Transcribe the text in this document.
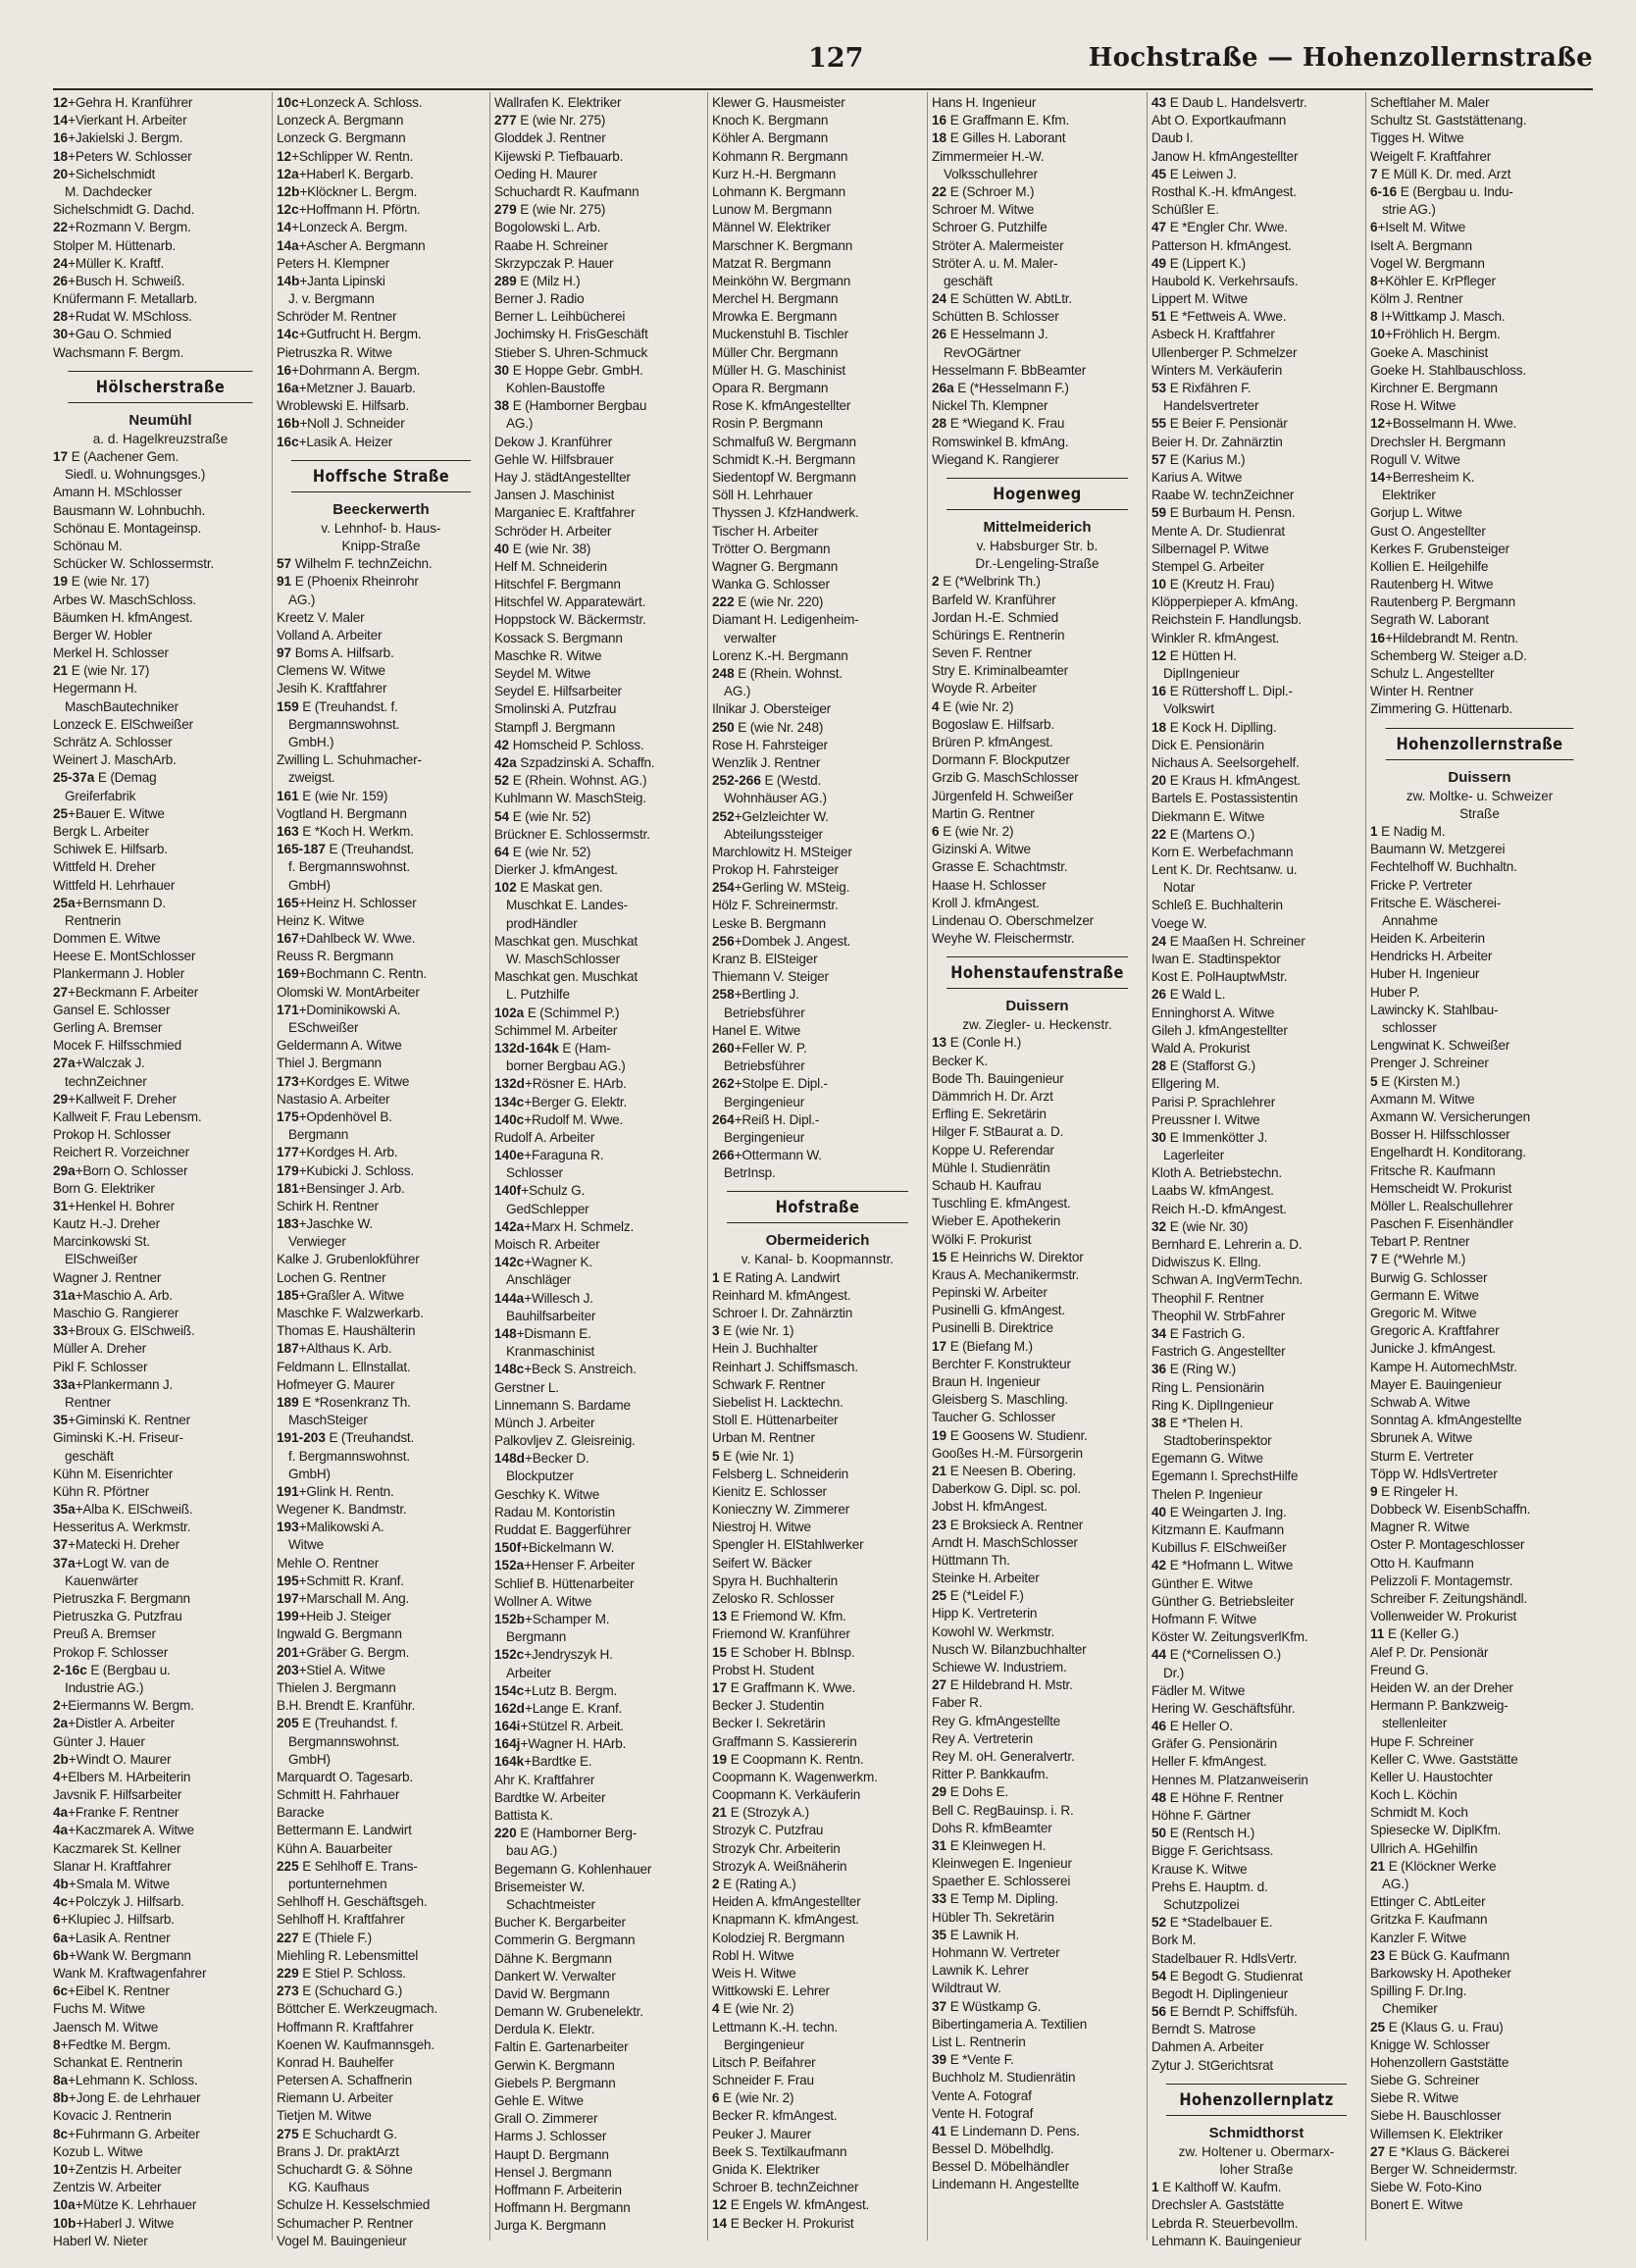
127	Hochstraße — Hohenzollernstraße
12+Gehra H. Kranführer
14+Vierkant H. Arbeiter
16+Jakielski J. Bergm.
18+Peters W. Schlosser
20+Sichelschmidt
M. Dachdecker
Sichelschmidt G. Dachd.
22+Rozmann V. Bergm.
Stolper M. Hüttenarb.
24+Müller K. Kraftf.
26+Busch H. Schweiß.
Knüfermann F. Metallarb.
28+Rudat W. MSchloss.
30+Gau O. Schmied
Wachsmann F. Bergm.
Hölscherstraße
Neumühl
a. d. Hagelkreuzstraße
17 E (Aachener Gem.
Siedl. u. Wohnungsges.)
Amann H. MSchlosser
Bausmann W. Lohnbuchh.
Schönau E. Montageinsp.
Schönau M.
Schücker W. Schlossermstr.
19 E (wie Nr. 17)
Arbes W. MaschSchloss.
Bäumken H. kfmAngest.
Berger W. Hobler
Merkel H. Schlosser
21 E (wie Nr. 17)
Hegermann H.
MaschBautechniker
Lonzeck E. ElSchweißer
Schrätz A. Schlosser
Weinert J. MaschArb.
25-37a E (Demag
Greiferfabrik
25+Bauer E. Witwe
Bergk L. Arbeiter
Schiwek E. Hilfsarb.
Wittfeld H. Dreher
Wittfeld H. Lehrhauer
25a+Bernsmann D.
Rentnerin
Dommen E. Witwe
Heese E. MontSchlosser
Plankermann J. Hobler
27+Beckmann F. Arbeiter
Gansel E. Schlosser
Gerling A. Bremser
Mocek F. Hilfsschmied
27a+Walczak J.
technZeichner
29+Kallweit F. Dreher
Kallweit F. Frau Lebensm.
Prokop H. Schlosser
Reichert R. Vorzeichner
29a+Born O. Schlosser
Born G. Elektriker
31+Henkel H. Bohrer
Kautz H.-J. Dreher
Marcinkowski St.
ElSchweißer
Wagner J. Rentner
31a+Maschio A. Arb.
Maschio G. Rangierer
33+Broux G. ElSchweiß.
Müller A. Dreher
Pikl F. Schlosser
33a+Plankermann J.
Rentner
35+Giminski K. Rentner
Giminski K.-H. Friseur-
geschäft
Kühn M. Eisenrichter
Kühn R. Pförtner
35a+Alba K. ElSchweiß.
Hesseritus A. Werkmstr.
37+Matecki H. Dreher
37a+Logt W. van de
Kauenwärter
Pietruszka F. Bergmann
Pietruszka G. Putzfrau
Preuß A. Bremser
Prokop F. Schlosser
2-16c E (Bergbau u.
Industrie AG.)
2+Eiermanns W. Bergm.
2a+Distler A. Arbeiter
Günter J. Hauer
2b+Windt O. Maurer
4+Elbers M. HArbeiterin
Javsnik F. Hilfsarbeiter
4a+Franke F. Rentner
4a+Kaczmarek A. Witwe
Kaczmarek St. Kellner
Slanar H. Kraftfahrer
4b+Smala M. Witwe
4c+Polczyk J. Hilfsarb.
6+Klupiec J. Hilfsarb.
6a+Lasik A. Rentner
6b+Wank W. Bergmann
Wank M. Kraftwagenfahrer
6c+Eibel K. Rentner
Fuchs M. Witwe
Jaensch M. Witwe
8+Fedtke M. Bergm.
Schankat E. Rentnerin
8a+Lehmann K. Schloss.
8b+Jong E. de Lehrhauer
Kovacic J. Rentnerin
8c+Fuhrmann G. Arbeiter
Kozub L. Witwe
10+Zentzis H. Arbeiter
Zentzis W. Arbeiter
10a+Mütze K. Lehrhauer
10b+Haberl J. Witwe
Haberl W. Nieter
10c+Lonzeck A. Schloss.
Lonzeck A. Bergmann
Lonzeck G. Bergmann
12+Schlipper W. Rentn.
12a+Haberl K. Bergarb.
12b+Klöckner L. Bergm.
12c+Hoffmann H. Pförtn.
14+Lonzeck A. Bergm.
14a+Ascher A. Bergmann
Peters H. Klempner
14b+Janta Lipinski
J. v. Bergmann
Schröder M. Rentner
14c+Gutfrucht H. Bergm.
Pietruszka R. Witwe
16+Dohrmann A. Bergm.
16a+Metzner J. Bauarb.
Wroblewski E. Hilfsarb.
16b+Noll J. Schneider
16c+Lasik A. Heizer
Hoffsche Straße
Beeckerwerth
v. Lehnhof- b. Haus-
Knipp-Straße
57 Wilhelm F. technZeichn.
91 E (Phoenix Rheinrohr
AG.)
Kreetz V. Maler
Volland A. Arbeiter
97 Boms A. Hilfsarb.
Clemens W. Witwe
Jesih K. Kraftfahrer
159 E (Treuhandst. f.
Bergmannswohnst.
GmbH.)
Zwilling L. Schuhmacher-
zweigst.
161 E (wie Nr. 159)
Vogtland H. Bergmann
163 E *Koch H. Werkm.
165-187 E (Treuhandst.
f. Bergmannswohnst.
GmbH)
165+Heinz H. Schlosser
Heinz K. Witwe
167+Dahlbeck W. Wwe.
Reuss R. Bergmann
169+Bochmann C. Rentn.
Olomski W. MontArbeiter
171+Dominikowski A.
ESchweißer
Geldermann A. Witwe
Thiel J. Bergmann
173+Kordges E. Witwe
Nastasio A. Arbeiter
175+Opdenhövel B.
Bergmann
177+Kordges H. Arb.
179+Kubicki J. Schloss.
181+Bensinger J. Arb.
Schirk H. Rentner
183+Jaschke W.
Verwieger
Kalke J. Grubenlokführer
Lochen G. Rentner
185+Graßler A. Witwe
Maschke F. Walzwerkarb.
Thomas E. Haushälterin
187+Althaus K. Arb.
Feldmann L. Ellnstallat.
Hofmeyer G. Maurer
189 E *Rosenkranz Th.
MaschSteiger
191-203 E (Treuhandst.
f. Bergmannswohnst.
GmbH)
191+Glink H. Rentn.
Wegener K. Bandmstr.
193+Malikowski A.
Witwe
Mehle O. Rentner
195+Schmitt R. Kranf.
197+Marschall M. Ang.
199+Heib J. Steiger
Ingwald G. Bergmann
201+Gräber G. Bergm.
203+Stiel A. Witwe
Thielen J. Bergmann
B.H. Brendt E. Kranführ.
205 E (Treuhandst. f.
Bergmannswohnst.
GmbH)
Marquardt O. Tagesarb.
Schmitt H. Fahrhauer
Baracke
Bettermann E. Landwirt
Kühn A. Bauarbeiter
225 E Sehlhoff E. Trans-
portunternehmen
Sehlhoff H. Geschäftsgeh.
Sehlhoff H. Kraftfahrer
227 E (Thiele F.)
Miehling R. Lebensmittel
229 E Stiel P. Schloss.
273 E (Schuchard G.)
Böttcher E. Werkzeugmach.
Hoffmann R. Kraftfahrer
Koenen W. Kaufmannsgeh.
Konrad H. Bauhelfer
Petersen A. Schaffnerin
Riemann U. Arbeiter
Tietjen M. Witwe
275 E Schuchardt G.
Brans J. Dr. praktArzt
Schuchardt G. & Söhne
KG. Kaufhaus
Schulze H. Kesselschmied
Schumacher P. Rentner
Vogel M. Bauingenieur
Wallrafen K. Elektriker
277 E (wie Nr. 275)
Gloddek J. Rentner
Kijewski P. Tiefbauarb.
Oeding H. Maurer
Schuchardt R. Kaufmann
279 E (wie Nr. 275)
Bogolowski L. Arb.
Raabe H. Schreiner
Skrzypczak P. Hauer
289 E (Milz H.)
Berner J. Radio
Berner L. Leihbücherei
Jochimsky H. FrisGeschäft
Stieber S. Uhren-Schmuck
30 E Hoppe Gebr. GmbH.
Kohlen-Baustoffe
38 E (Hamborner Bergbau
AG.)
Dekow J. Kranführer
Gehle W. Hilfsbrauer
Hay J. städtAngestellter
Jansen J. Maschinist
Marganiec E. Kraftfahrer
Schröder H. Arbeiter
40 E (wie Nr. 38)
Helf M. Schneiderin
Hitschfel F. Bergmann
Hitschfel W. Apparatewärt.
Hoppstock W. Bäckermstr.
Kossack S. Bergmann
Maschke R. Witwe
Seydel M. Witwe
Seydel E. Hilfsarbeiter
Smolinski A. Putzfrau
Stampfl J. Bergmann
42 Homscheid P. Schloss.
42a Szpadzinski A. Schaffn.
52 E (Rhein. Wohnst. AG.)
Kuhlmann W. MaschSteig.
54 E (wie Nr. 52)
Brückner E. Schlossermstr.
64 E (wie Nr. 52)
Dierker J. kfmAngest.
102 E Maskat gen.
Muschkat E. Landes-
prodHändler
Maschkat gen. Muschkat
W. MaschSchlosser
Maschkat gen. Muschkat
L. Putzhilfe
102a E (Schimmel P.)
Schimmel M. Arbeiter
132d-164k E (Ham-
borner Bergbau AG.)
132d+Rösner E. HArb.
134c+Berger G. Elektr.
140c+Rudolf M. Wwe.
Rudolf A. Arbeiter
140e+Faraguna R.
Schlosser
140f+Schulz G.
GedSchlepper
142a+Marx H. Schmelz.
Moisch R. Arbeiter
142c+Wagner K.
Anschläger
144a+Willesch J.
Bauhilfsarbeiter
148+Dismann E.
Kranmaschinist
148c+Beck S. Anstreich.
Gerstner L.
Linnemann S. Bardame
Münch J. Arbeiter
Palkovljev Z. Gleisreinig.
148d+Becker D.
Blockputzer
Geschky K. Witwe
Radau M. Kontoristin
Ruddat E. Baggerführer
150f+Bickelmann W.
152a+Henser F. Arbeiter
Schlief B. Hüttenarbeiter
Wollner A. Witwe
152b+Schamper M.
Bergmann
152c+Jendryszyk H.
Arbeiter
154c+Lutz B. Bergm.
162d+Lange E. Kranf.
164i+Stützel R. Arbeit.
164j+Wagner H. HArb.
164k+Bardtke E.
Ahr K. Kraftfahrer
Bardtke W. Arbeiter
Battista K.
220 E (Hamborner Berg-
bau AG.)
Begemann G. Kohlenhauer
Brisemeister W.
Schachtmeister
Bucher K. Bergarbeiter
Commerin G. Bergmann
Dähne K. Bergmann
Dankert W. Verwalter
David W. Bergmann
Demann W. Grubenelektr.
Derdula K. Elektr.
Faltin E. Gartenarbeiter
Gerwin K. Bergmann
Giebels P. Bergmann
Gehle E. Witwe
Grall O. Zimmerer
Harms J. Schlosser
Haupt D. Bergmann
Hensel J. Bergmann
Hoffmann F. Arbeiterin
Hoffmann H. Bergmann
Jurga K. Bergmann
Klewer G. Hausmeister
Knoch K. Bergmann
Köhler A. Bergmann
Kohmann R. Bergmann
Kurz H.-H. Bergmann
Lohmann K. Bergmann
Lunow M. Bergmann
Männel W. Elektriker
Marschner K. Bergmann
Matzat R. Bergmann
Meinköhn W. Bergmann
Merchel H. Bergmann
Mrowka E. Bergmann
Muckenstuhl B. Tischler
Müller Chr. Bergmann
Müller H. G. Maschinist
Opara R. Bergmann
Rose K. kfmAngestellter
Rosin P. Bergmann
Schmalfuß W. Bergmann
Schmidt K.-H. Bergmann
Siedentopf W. Bergmann
Söll H. Lehrhauer
Thyssen J. KfzHandwerk.
Tischer H. Arbeiter
Trötter O. Bergmann
Wagner G. Bergmann
Wanka G. Schlosser
222 E (wie Nr. 220)
Diamant H. Ledigenheim-
verwalter
Lorenz K.-H. Bergmann
248 E (Rhein. Wohnst.
AG.)
Ilnikar J. Obersteiger
250 E (wie Nr. 248)
Rose H. Fahrsteiger
Wenzlik J. Rentner
252-266 E (Westd.
Wohnhäuser AG.)
252+Gelzleichter W.
Abteilungssteiger
Marchlowitz H. MSteiger
Prokop H. Fahrsteiger
254+Gerling W. MSteig.
Hölz F. Schreinermstr.
Leske B. Bergmann
256+Dombek J. Angest.
Kranz B. ElSteiger
Thiemann V. Steiger
258+Bertling J.
Betriebsführer
Hanel E. Witwe
260+Feller W. P.
Betriebsführer
262+Stolpe E. Dipl.-
Bergingenieur
264+Reiß H. Dipl.-
Bergingenieur
266+Ottermann W.
BetrInsp.
Hofstraße
Obermeiderich
v. Kanal- b. Koopmannstr.
1 E Rating A. Landwirt
Reinhard M. kfmAngest.
Schroer I. Dr. Zahnärztin
3 E (wie Nr. 1)
Hein J. Buchhalter
Reinhart J. Schiffsmasch.
Schwark F. Rentner
Siebelist H. Lacktechn.
Stoll E. Hüttenarbeiter
Urban M. Rentner
5 E (wie Nr. 1)
Felsberg L. Schneiderin
Kienitz E. Schlosser
Konieczny W. Zimmerer
Niestroj H. Witwe
Spengler H. ElStahlwerker
Seifert W. Bäcker
Spyra H. Buchhalterin
Zelosko R. Schlosser
13 E Friemond W. Kfm.
Friemond W. Kranführer
15 E Schober H. BbInsp.
Probst H. Student
17 E Graffmann K. Wwe.
Becker J. Studentin
Becker I. Sekretärin
Graffmann S. Kassiererin
19 E Coopmann K. Rentn.
Coopmann K. Wagenwerkm.
Coopmann K. Verkäuferin
21 E (Strozyk A.)
Strozyk C. Putzfrau
Strozyk Chr. Arbeiterin
Strozyk A. Weißnäherin
2 E (Rating A.)
Heiden A. kfmAngestellter
Knapmann K. kfmAngest.
Kolodziej R. Bergmann
Robl H. Witwe
Weis H. Witwe
Wittkowski E. Lehrer
4 E (wie Nr. 2)
Lettmann K.-H. techn.
Bergingenieur
Litsch P. Beifahrer
Schneider F. Frau
6 E (wie Nr. 2)
Becker R. kfmAngest.
Peuker J. Maurer
Beek S. Textilkaufmann
Gnida K. Elektriker
Schroer B. technZeichner
12 E Engels W. kfmAngest.
14 E Becker H. Prokurist
Hans H. Ingenieur
16 E Graffmann E. Kfm.
18 E Gilles H. Laborant
Zimmermeier H.-W.
Volksschullehrer
22 E (Schroer M.)
Schroer M. Witwe
Schroer G. Putzhilfe
Ströter A. Malermeister
Ströter A. u. M. Maler-
geschäft
24 E Schütten W. AbtLtr.
Schütten B. Schlosser
26 E Hesselmann J.
RevOGärtner
Hesselmann F. BbBeamter
26a E (*Hesselmann F.)
Nickel Th. Klempner
28 E *Wiegand K. Frau
Romswinkel B. kfmAng.
Wiegand K. Rangierer
Hogenweg
Mittelmeiderich
v. Habsburger Str. b.
Dr.-Lengeling-Straße
2 E (*Welbrink Th.)
Barfeld W. Kranführer
Jordan H.-E. Schmied
Schürings E. Rentnerin
Seven F. Rentner
Stry E. Kriminalbeamter
Woyde R. Arbeiter
4 E (wie Nr. 2)
Bogoslaw E. Hilfsarb.
Brüren P. kfmAngest.
Dormann F. Blockputzer
Grzib G. MaschSchlosser
Jürgenfeld H. Schweißer
Martin G. Rentner
6 E (wie Nr. 2)
Gizinski A. Witwe
Grasse E. Schachtmstr.
Haase H. Schlosser
Kroll J. kfmAngest.
Lindenau O. Oberschmelzer
Weyhe W. Fleischermstr.
Hohenstaufenstraße
Duissern
zw. Ziegler- u. Heckenstr.
13 E (Conle H.)
Becker K.
Bode Th. Bauingenieur
Dämmrich H. Dr. Arzt
Erfling E. Sekretärin
Hilger F. StBaurat a. D.
Koppe U. Referendar
Mühle I. Studienrätin
Schaub H. Kaufrau
Tuschling E. kfmAngest.
Wieber E. Apothekerin
Wölki F. Prokurist
15 E Heinrichs W. Direktor
Kraus A. Mechanikermstr.
Pepinski W. Arbeiter
Pusinelli G. kfmAngest.
Pusinelli B. Direktrice
17 E (Biefang M.)
Berchter F. Konstrukteur
Braun H. Ingenieur
Gleisberg S. Maschling.
Taucher G. Schlosser
19 E Goosens W. Studienr.
Gooßes H.-M. Fürsorgerin
21 E Neesen B. Obering.
Daberkow G. Dipl. sc. pol.
Jobst H. kfmAngest.
23 E Broksieck A. Rentner
Arndt H. MaschSchlosser
Hüttmann Th.
Steinke H. Arbeiter
25 E (*Leidel F.)
Hipp K. Vertreterin
Kowohl W. Werkmstr.
Nusch W. Bilanzbuchhalter
Schiewe W. Industriem.
27 E Hildebrand H. Mstr.
Faber R.
Rey G. kfmAngestellte
Rey A. Vertreterin
Rey M. oH. Generalvertr.
Ritter P. Bankkaufm.
29 E Dohs E.
Bell C. RegBauinsp. i. R.
Dohs R. kfmBeamter
31 E Kleinwegen H.
Kleinwegen E. Ingenieur
Spaether E. Schlosserei
33 E Temp M. Dipling.
Hübler Th. Sekretärin
35 E Lawnik H.
Hohmann W. Vertreter
Lawnik K. Lehrer
Wildtraut W.
37 E Wüstkamp G.
Bibertingameria A. Textilien
List L. Rentnerin
39 E *Vente F.
Buchholz M. Studienrätin
Vente A. Fotograf
Vente H. Fotograf
41 E Lindemann D. Pens.
Bessel D. Möbelhdlg.
Bessel D. Möbelhändler
Lindemann H. Angestellte
43 E Daub L. Handelsvertr.
Abt O. Exportkaufmann
Daub I.
Janow H. kfmAngestellter
45 E Leiwen J.
Rosthal K.-H. kfmAngest.
Schüßler E.
47 E *Engler Chr. Wwe.
Patterson H. kfmAngest.
49 E (Lippert K.)
Haubold K. Verkehrsaufs.
Lippert M. Witwe
51 E *Fettweis A. Wwe.
Asbeck H. Kraftfahrer
Ullenberger P. Schmelzer
Winters M. Verkäuferin
53 E Rixfähren F.
Handelsvertreter
55 E Beier F. Pensionär
Beier H. Dr. Zahnärztin
57 E (Karius M.)
Karius A. Witwe
Raabe W. technZeichner
59 E Burbaum H. Pensn.
Mente A. Dr. Studienrat
Silbernagel P. Witwe
Stempel G. Arbeiter
10 E (Kreutz H. Frau)
Klöpperpieper A. kfmAng.
Reichstein F. Handlungsb.
Winkler R. kfmAngest.
12 E Hütten H.
DiplIngenieur
16 E Rüttershoff L. Dipl.-
Volkswirt
18 E Kock H. Diplling.
Dick E. Pensionärin
Nichaus A. Seelsorgehelf.
20 E Kraus H. kfmAngest.
Bartels E. Postassistentin
Diekmann E. Witwe
22 E (Martens O.)
Korn E. Werbefachmann
Lent K. Dr. Rechtsanw. u.
Notar
Schleß E. Buchhalterin
Voege W.
24 E Maaßen H. Schreiner
Iwan E. Stadtinspektor
Kost E. PolHauptwMstr.
26 E Wald L.
Enninghorst A. Witwe
Gileh J. kfmAngestellter
Wald A. Prokurist
28 E (Stafforst G.)
Ellgering M.
Parisi P. Sprachlehrer
Preussner I. Witwe
30 E Immenkötter J.
Lagerleiter
Kloth A. Betriebstechn.
Laabs W. kfmAngest.
Reich H.-D. kfmAngest.
32 E (wie Nr. 30)
Bernhard E. Lehrerin a. D.
Didwiszus K. Ellng.
Schwan A. IngVermTechn.
Theophil F. Rentner
Theophil W. StrbFahrer
34 E Fastrich G.
Fastrich G. Angestellter
36 E (Ring W.)
Ring L. Pensionärin
Ring K. DiplIngenieur
38 E *Thelen H.
Stadtoberinspektor
Egemann G. Witwe
Egemann I. SprechstHilfe
Thelen P. Ingenieur
40 E Weingarten J. Ing.
Kitzmann E. Kaufmann
Kubillus F. ElSchweißer
42 E *Hofmann L. Witwe
Günther E. Witwe
Günther G. Betriebsleiter
Hofmann F. Witwe
Köster W. ZeitungsverlKfm.
44 E (*Cornelissen O.)
Dr.)
Fädler M. Witwe
Hering W. Geschäftsführ.
46 E Heller O.
Gräfer G. Pensionärin
Heller F. kfmAngest.
Hennes M. Platzanweiserin
48 E Höhne F. Rentner
Höhne F. Gärtner
50 E (Rentsch H.)
Bigge F. Gerichtsass.
Krause K. Witwe
Prehs E. Hauptm. d.
Schutzpolizei
52 E *Stadelbauer E.
Bork M.
Stadelbauer R. HdlsVertr.
54 E Begodt G. Studienrat
Begodt H. Diplingenieur
56 E Berndt P. Schiffsfüh.
Berndt S. Matrose
Dahmen A. Arbeiter
Zytur J. StGerichtsrat
Hohenzollernplatz
Schmidthorst
zw. Holtener u. Obermarx-
loher Straße
1 E Kalthoff W. Kaufm.
Drechsler A. Gaststätte
Lebrda R. Steuerbevollm.
Lehmann K. Bauingenieur
Scheftlaher M. Maler
Schultz St. Gaststättenang.
Tigges H. Witwe
Weigelt F. Kraftfahrer
7 E Müll K. Dr. med. Arzt
6-16 E (Bergbau u. Indu-
strie AG.)
6+Iselt M. Witwe
Iselt A. Bergmann
Vogel W. Bergmann
8+Köhler E. KrPfleger
Kölm J. Rentner
8 I+Wittkamp J. Masch.
10+Fröhlich H. Bergm.
Goeke A. Maschinist
Goeke H. Stahlbauschloss.
Kirchner E. Bergmann
Rose H. Witwe
12+Bosselmann H. Wwe.
Drechsler H. Bergmann
Rogull V. Witwe
14+Berresheim K.
Elektriker
Gorjup L. Witwe
Gust O. Angestellter
Kerkes F. Grubensteiger
Kollien E. Heilgehilfe
Rautenberg H. Witwe
Rautenberg P. Bergmann
Segrath W. Laborant
16+Hildebrandt M. Rentn.
Schemberg W. Steiger a.D.
Schulz L. Angestellter
Winter H. Rentner
Zimmering G. Hüttenarb.
Hohenzollernstraße
Duissern
zw. Moltke- u. Schweizer
Straße
1 E Nadig M.
Baumann W. Metzgerei
Fechtelhoff W. Buchhaltn.
Fricke P. Vertreter
Fritsche E. Wäscherei-
Annahme
Heiden K. Arbeiterin
Hendricks H. Arbeiter
Huber H. Ingenieur
Huber P.
Lawincky K. Stahlbau-
schlosser
Lengwinat K. Schweißer
Prenger J. Schreiner
5 E (Kirsten M.)
Axmann M. Witwe
Axmann W. Versicherungen
Bosser H. Hilfsschlosser
Engelhardt H. Konditorang.
Fritsche R. Kaufmann
Hemscheidt W. Prokurist
Möller L. Realschullehrer
Paschen F. Eisenhändler
Tebart P. Rentner
7 E (*Wehrle M.)
Burwig G. Schlosser
Germann E. Witwe
Gregoric M. Witwe
Gregoric A. Kraftfahrer
Junicke J. kfmAngest.
Kampe H. AutomechMstr.
Mayer E. Bauingenieur
Schwab A. Witwe
Sonntag A. kfmAngestellte
Sbrunek A. Witwe
Sturm E. Vertreter
Töpp W. HdlsVertreter
9 E Ringeler H.
Dobbeck W. EisenbSchaffn.
Magner R. Witwe
Oster P. Montageschlosser
Otto H. Kaufmann
Pelizzoli F. Montagemstr.
Schreiber F. Zeitungshändl.
Vollenweider W. Prokurist
11 E (Keller G.)
Alef P. Dr. Pensionär
Freund G.
Heiden W. an der Dreher
Hermann P. Bankzweig-
stellenleiter
Hupe F. Schreiner
Keller C. Wwe. Gaststätte
Keller U. Haustochter
Koch L. Köchin
Schmidt M. Koch
Spiesecke W. DiplKfm.
Ullrich A. HGehilfin
21 E (Klöckner Werke
AG.)
Ettinger C. AbtLeiter
Gritzka F. Kaufmann
Kanzler F. Witwe
23 E Bück G. Kaufmann
Barkowsky H. Apotheker
Spilling F. Dr.Ing.
Chemiker
25 E (Klaus G. u. Frau)
Knigge W. Schlosser
Hohenzollern Gaststätte
Siebe G. Schreiner
Siebe R. Witwe
Siebe H. Bauschlosser
Willemsen K. Elektriker
27 E *Klaus G. Bäckerei
Berger W. Schneidermstr.
Siebe W. Foto-Kino
Bonert E. Witwe
